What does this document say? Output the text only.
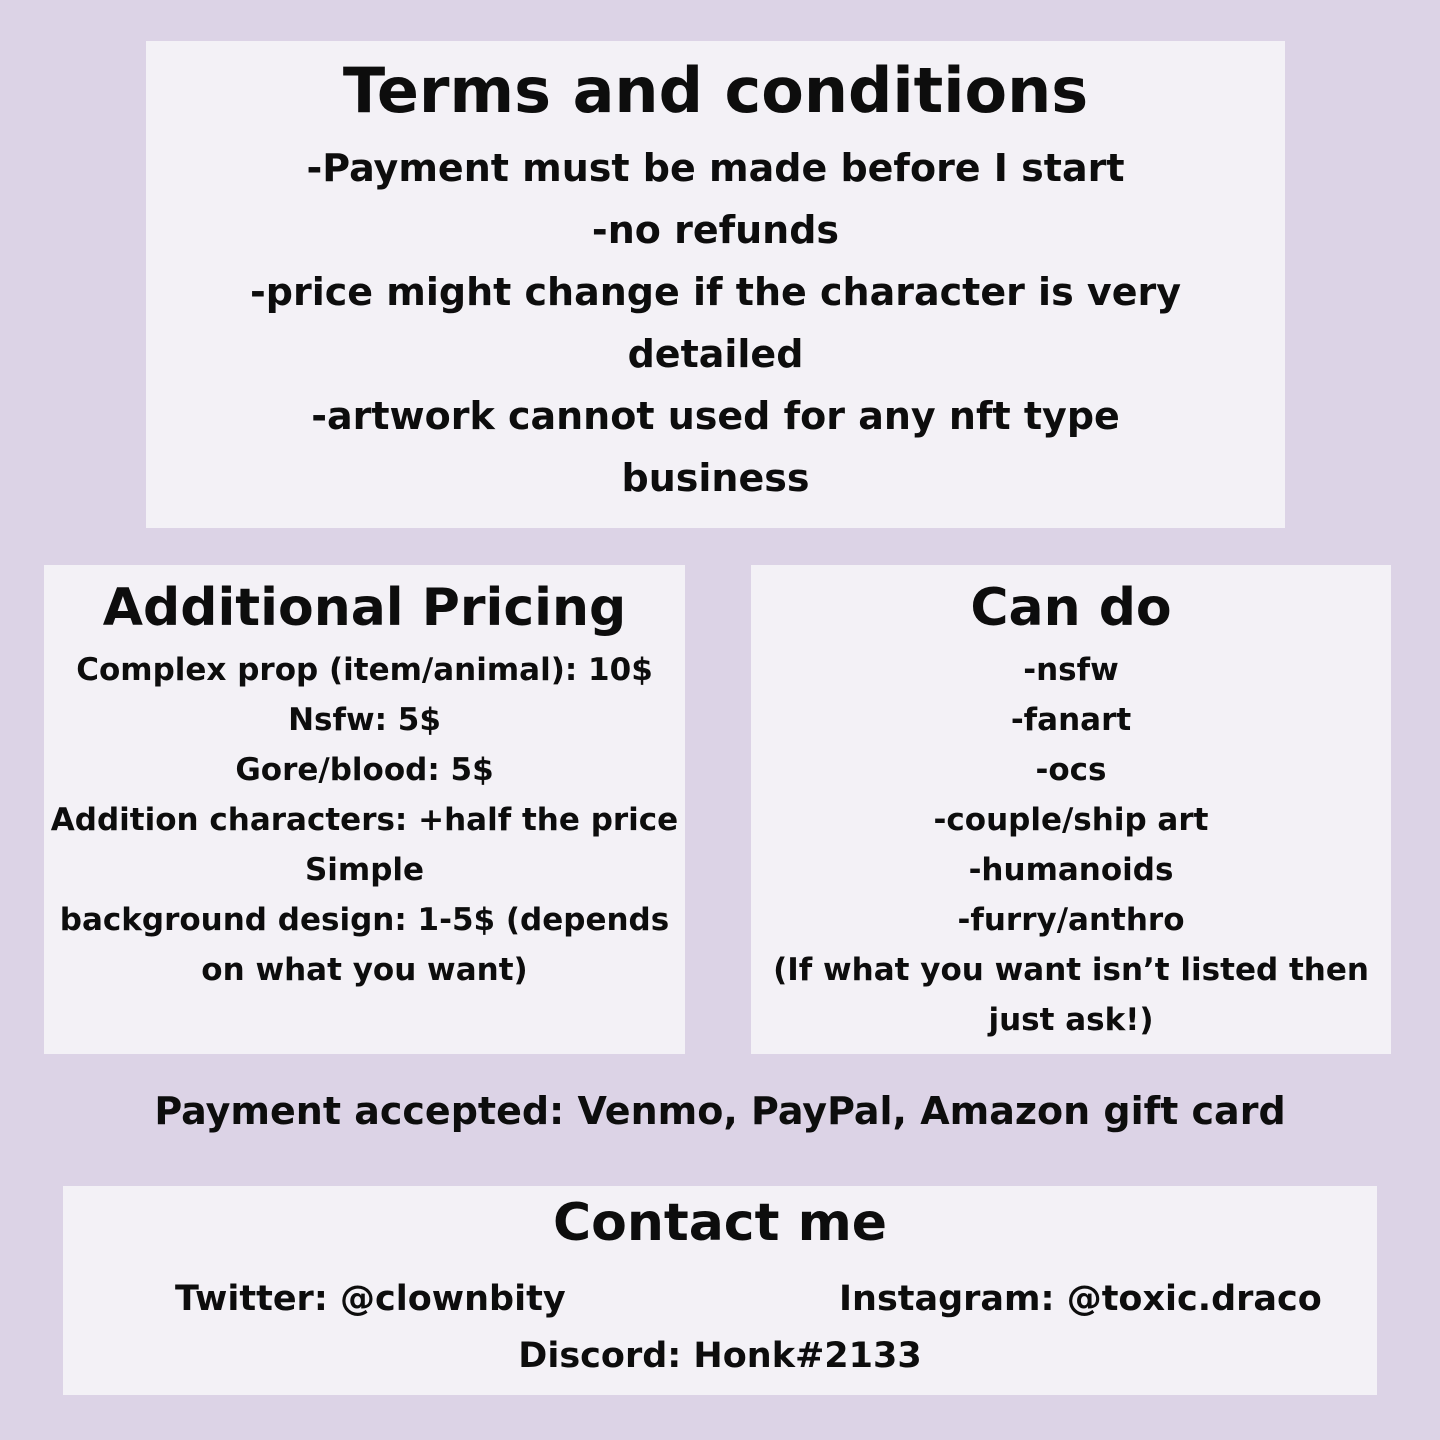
Terms and conditions
-Payment must be made before I start
-no refunds
-price might change if the character is very
detailed
-artwork cannot used for any nft type
business
Additional Pricing
Complex prop (item/animal): 10$
Nsfw: 5$
Gore/blood: 5$
Addition characters: +half the price
Simple
background design: 1-5$ (depends
on what you want)
Can do
-nsfw
-fanart
-ocs
-couple/ship art
-humanoids
-furry/anthro
(If what you want isn’t listed then
just ask!)

Payment accepted: Venmo, PayPal, Amazon gift card

Contact me
Twitter: @clownbity	Instagram: @toxic.draco
Discord: Honk#2133
